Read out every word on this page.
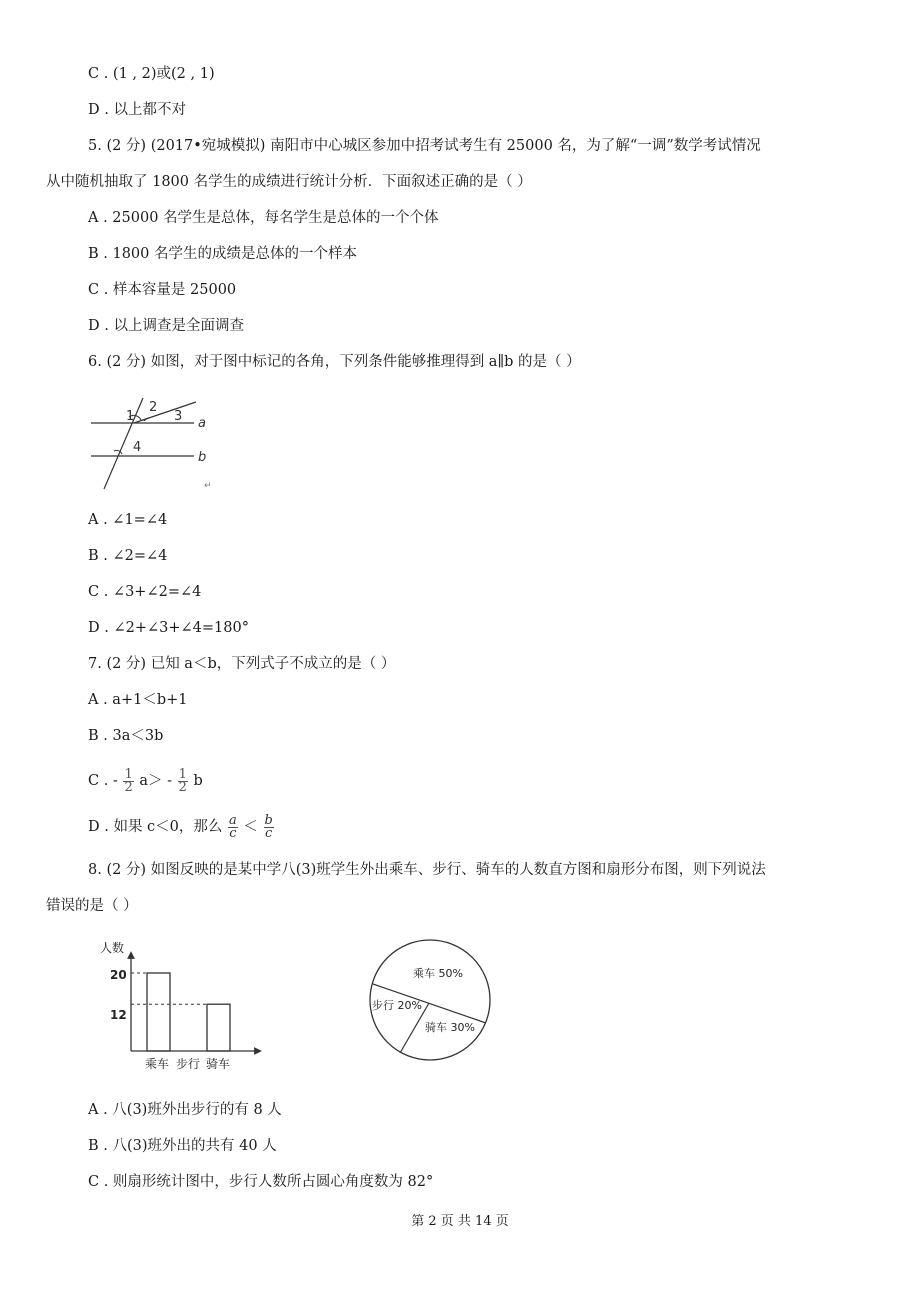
C . (1 , 2)或(2 , 1)
D . 以上都不对
5. (2 分) (2017•宛城模拟) 南阳市中心城区参加中招考试考生有 25000 名，为了解“一调”数学考试情况
从中随机抽取了 1800 名学生的成绩进行统计分析．下面叙述正确的是（ ）
A . 25000 名学生是总体，每名学生是总体的一个个体
B . 1800 名学生的成绩是总体的一个样本
C . 样本容量是 25000
D . 以上调查是全面调查
6. (2 分) 如图，对于图中标记的各角，下列条件能够推理得到 a∥b 的是（ ）
1
2
3
4
a
b
↵
A . ∠1=∠4
B . ∠2=∠4
C . ∠3+∠2=∠4
D . ∠2+∠3+∠4=180°
7. (2 分) 已知 a＜b，下列式子不成立的是（ ）
A . a+1＜b+1
B . 3a＜3b
C . - $\frac{1}{2} a> - \frac{1}{2}$ b
D . 如果 c＜0，那么 $\frac{a}{c} < \frac{b}{c}$
8. (2 分) 如图反映的是某中学八(3)班学生外出乘车、步行、骑车的人数直方图和扇形分布图，则下列说法
错误的是（ ）
人数
20
12
乘车 步行 骑车
乘车 50%
步行 20%
骑车 30%
A . 八(3)班外出步行的有 8 人
B . 八(3)班外出的共有 40 人
C . 则扇形统计图中，步行人数所占圆心角度数为 82°
第 2 页 共 14 页
